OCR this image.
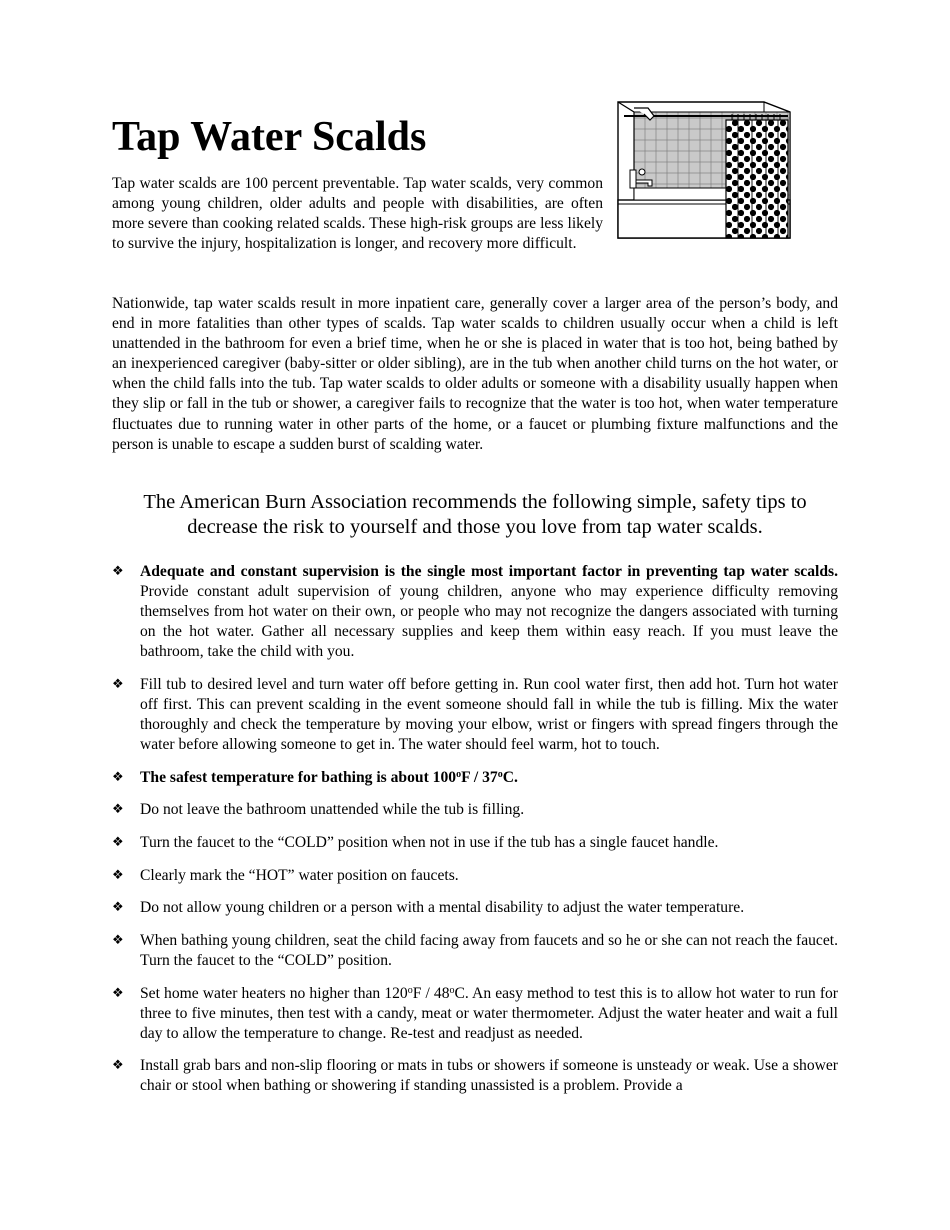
Tap Water Scalds

Tap water scalds are 100 percent preventable. Tap water scalds, very common among young children, older adults and people with disabilities, are often more severe than cooking related scalds. These high-risk groups are less likely to survive the injury, hospitalization is longer, and recovery more difficult.

Nationwide, tap water scalds result in more inpatient care, generally cover a larger area of the person’s body, and end in more fatalities than other types of scalds. Tap water scalds to children usually occur when a child is left unattended in the bathroom for even a brief time, when he or she is placed in water that is too hot, being bathed by an inexperienced caregiver (baby-sitter or older sibling), are in the tub when another child turns on the hot water, or when the child falls into the tub. Tap water scalds to older adults or someone with a disability usually happen when they slip or fall in the tub or shower, a caregiver fails to recognize that the water is too hot, when water temperature fluctuates due to running water in other parts of the home, or a faucet or plumbing fixture malfunctions and the person is unable to escape a sudden burst of scalding water.

The American Burn Association recommends the following simple, safety tips to decrease the risk to yourself and those you love from tap water scalds.

❖	Adequate and constant supervision is the single most important factor in preventing tap water scalds. Provide constant adult supervision of young children, anyone who may experience difficulty removing themselves from hot water on their own, or people who may not recognize the dangers associated with turning on the hot water. Gather all necessary supplies and keep them within easy reach. If you must leave the bathroom, take the child with you.
❖	Fill tub to desired level and turn water off before getting in. Run cool water first, then add hot. Turn hot water off first. This can prevent scalding in the event someone should fall in while the tub is filling. Mix the water thoroughly and check the temperature by moving your elbow, wrist or fingers with spread fingers through the water before allowing someone to get in. The water should feel warm, hot to touch.
❖	The safest temperature for bathing is about 100$^o$F / 37$^o$C.
❖	Do not leave the bathroom unattended while the tub is filling.
❖	Turn the faucet to the “COLD” position when not in use if the tub has a single faucet handle.
❖	Clearly mark the “HOT” water position on faucets.
❖	Do not allow young children or a person with a mental disability to adjust the water temperature.
❖	When bathing young children, seat the child facing away from faucets and so he or she can not reach the faucet. Turn the faucet to the “COLD” position.
❖	Set home water heaters no higher than 120$^o$F / 48$^o$C. An easy method to test this is to allow hot water to run for three to five minutes, then test with a candy, meat or water thermometer. Adjust the water heater and wait a full day to allow the temperature to change. Re-test and readjust as needed.
❖	Install grab bars and non-slip flooring or mats in tubs or showers if someone is unsteady or weak. Use a shower chair or stool when bathing or showering if standing unassisted is a problem. Provide a
